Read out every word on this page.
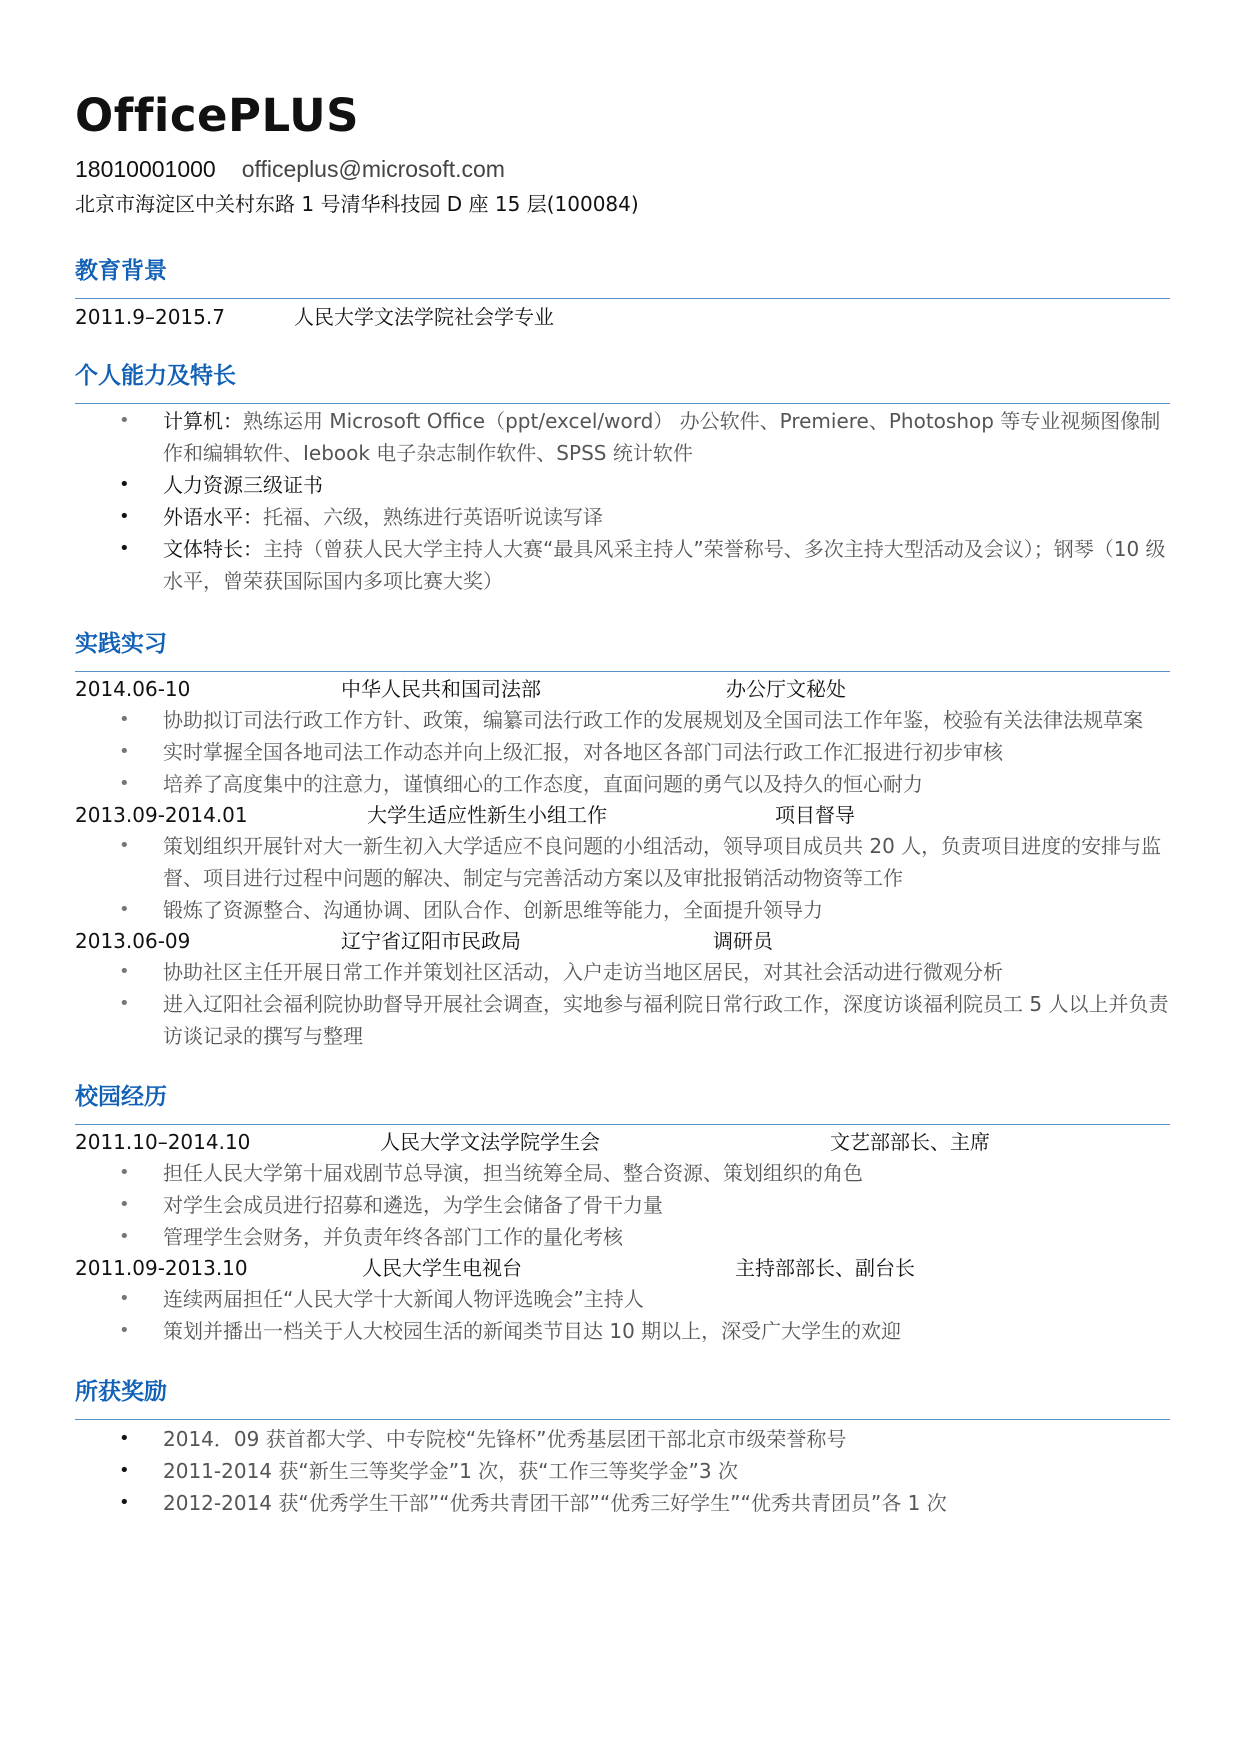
OfficePLUS
18010001000 officeplus@microsoft.com
北京市海淀区中关村东路 1 号清华科技园 D 座 15 层(100084)
教育背景
2011.9–2015.7	人民大学文法学院社会学专业
个人能力及特长
• 计算机：熟练运用 Microsoft Office（ppt/excel/word） 办公软件、Premiere、Photoshop 等专业视频图像制作和编辑软件、Iebook 电子杂志制作软件、SPSS 统计软件
• 人力资源三级证书
• 外语水平：托福、六级，熟练进行英语听说读写译
• 文体特长：主持（曾获人民大学主持人大赛“最具风采主持人”荣誉称号、多次主持大型活动及会议）；钢琴（10 级水平，曾荣获国际国内多项比赛大奖）
实践实习
2014.06-10	中华人民共和国司法部	办公厅文秘处
• 协助拟订司法行政工作方针、政策，编纂司法行政工作的发展规划及全国司法工作年鉴，校验有关法律法规草案
• 实时掌握全国各地司法工作动态并向上级汇报，对各地区各部门司法行政工作汇报进行初步审核
• 培养了高度集中的注意力，谨慎细心的工作态度，直面问题的勇气以及持久的恒心耐力
2013.09-2014.01	大学生适应性新生小组工作	项目督导
• 策划组织开展针对大一新生初入大学适应不良问题的小组活动，领导项目成员共 20 人，负责项目进度的安排与监督、项目进行过程中问题的解决、制定与完善活动方案以及审批报销活动物资等工作
• 锻炼了资源整合、沟通协调、团队合作、创新思维等能力，全面提升领导力
2013.06-09	辽宁省辽阳市民政局	调研员
• 协助社区主任开展日常工作并策划社区活动，入户走访当地区居民，对其社会活动进行微观分析
• 进入辽阳社会福利院协助督导开展社会调查，实地参与福利院日常行政工作，深度访谈福利院员工 5 人以上并负责访谈记录的撰写与整理
校园经历
2011.10–2014.10	人民大学文法学院学生会	文艺部部长、主席
• 担任人民大学第十届戏剧节总导演，担当统筹全局、整合资源、策划组织的角色
• 对学生会成员进行招募和遴选，为学生会储备了骨干力量
• 管理学生会财务，并负责年终各部门工作的量化考核
2011.09-2013.10	人民大学生电视台	主持部部长、副台长
• 连续两届担任“人民大学十大新闻人物评选晚会”主持人
• 策划并播出一档关于人大校园生活的新闻类节目达 10 期以上，深受广大学生的欢迎
所获奖励
• 2014．09 获首都大学、中专院校“先锋杯”优秀基层团干部北京市级荣誉称号
• 2011-2014 获“新生三等奖学金”1 次，获“工作三等奖学金”3 次
• 2012-2014 获“优秀学生干部”“优秀共青团干部”“优秀三好学生”“优秀共青团员”各 1 次
